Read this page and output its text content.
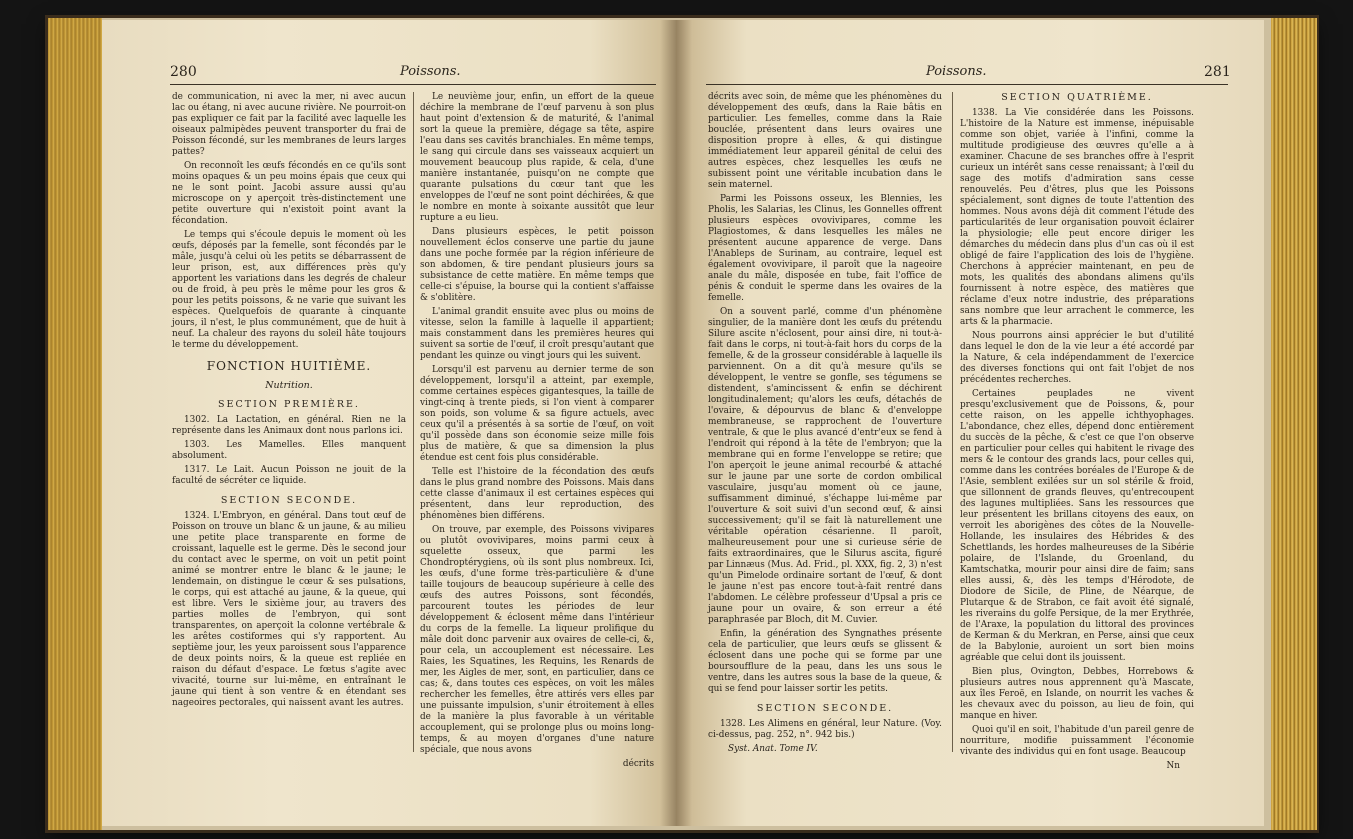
280	Poissons.

de communication, ni avec la mer, ni avec aucun lac ou étang, ni avec aucune rivière. Ne pourroit-on pas expliquer ce fait par la facilité avec laquelle les oiseaux palmipèdes peuvent transporter du frai de Poisson fécondé, sur les membranes de leurs larges pattes?

On reconnoît les œufs fécondés en ce qu'ils sont moins opaques & un peu moins épais que ceux qui ne le sont point. Jacobi assure aussi qu'au microscope on y aperçoit très-distinctement une petite ouverture qui n'existoit point avant la fécondation.

Le temps qui s'écoule depuis le moment où les œufs, déposés par la femelle, sont fécondés par le mâle, jusqu'à celui où les petits se débarrassent de leur prison, est, aux différences près qu'y apportent les variations dans les degrés de chaleur ou de froid, à peu près le même pour les gros & pour les petits poissons, & ne varie que suivant les espèces. Quelquefois de quarante à cinquante jours, il n'est, le plus communément, que de huit à neuf. La chaleur des rayons du soleil hâte toujours le terme du développement.

FONCTION HUITIÈME.
Nutrition.
SECTION PREMIÈRE.

1302. La Lactation, en général. Rien ne la représente dans les Animaux dont nous parlons ici.

1303. Les Mamelles. Elles manquent absolument.

1317. Le Lait. Aucun Poisson ne jouit de la faculté de sécréter ce liquide.

SECTION SECONDE.

1324. L'Embryon, en général. Dans tout œuf de Poisson on trouve un blanc & un jaune, & au milieu une petite place transparente en forme de croissant, laquelle est le germe. Dès le second jour du contact avec le sperme, on voit un petit point animé se montrer entre le blanc & le jaune; le lendemain, on distingue le cœur & ses pulsations, le corps, qui est attaché au jaune, & la queue, qui est libre. Vers le sixième jour, au travers des parties molles de l'embryon, qui sont transparentes, on aperçoit la colonne vertébrale & les arêtes costiformes qui s'y rapportent. Au septième jour, les yeux paroissent sous l'apparence de deux points noirs, & la queue est repliée en raison du défaut d'espace. Le fœtus s'agite avec vivacité, tourne sur lui-même, en entraînant le jaune qui tient à son ventre & en étendant ses nageoires pectorales, qui naissent avant les autres.

Le neuvième jour, enfin, un effort de la queue déchire la membrane de l'œuf parvenu à son plus haut point d'extension & de maturité, & l'animal sort la queue la première, dégage sa tête, aspire l'eau dans ses cavités branchiales. En même temps, le sang qui circule dans ses vaisseaux acquiert un mouvement beaucoup plus rapide, & cela, d'une manière instantanée, puisqu'on ne compte que quarante pulsations du cœur tant que les enveloppes de l'œuf ne sont point déchirées, & que le nombre en monte à soixante aussitôt que leur rupture a eu lieu.

Dans plusieurs espèces, le petit poisson nouvellement éclos conserve une partie du jaune dans une poche formée par la région inférieure de son abdomen, & tire pendant plusieurs jours sa subsistance de cette matière. En même temps que celle-ci s'épuise, la bourse qui la contient s'affaisse & s'oblitère.

L'animal grandit ensuite avec plus ou moins de vitesse, selon la famille à laquelle il appartient; mais constamment dans les premières heures qui suivent sa sortie de l'œuf, il croît presqu'autant que pendant les quinze ou vingt jours qui les suivent.

Lorsqu'il est parvenu au dernier terme de son développement, lorsqu'il a atteint, par exemple, comme certaines espèces gigantesques, la taille de vingt-cinq à trente pieds, si l'on vient à comparer son poids, son volume & sa figure actuels, avec ceux qu'il a présentés à sa sortie de l'œuf, on voit qu'il possède dans son économie seize mille fois plus de matière, & que sa dimension la plus étendue est cent fois plus considérable.

Telle est l'histoire de la fécondation des œufs dans le plus grand nombre des Poissons. Mais dans cette classe d'animaux il est certaines espèces qui présentent, dans leur reproduction, des phénomènes bien différens.

On trouve, par exemple, des Poissons vivipares ou plutôt ovovivipares, moins parmi ceux à squelette osseux, que parmi les Chondroptérygiens, où ils sont plus nombreux. Ici, les œufs, d'une forme très-particulière & d'une taille toujours de beaucoup supérieure à celle des œufs des autres Poissons, sont fécondés, parcourent toutes les périodes de leur développement & éclosent même dans l'intérieur du corps de la femelle. La liqueur prolifique du mâle doit donc parvenir aux ovaires de celle-ci, &, pour cela, un accouplement est nécessaire. Les Raies, les Squatines, les Requins, les Renards de mer, les Aigles de mer, sont, en particulier, dans ce cas; &, dans toutes ces espèces, on voit les mâles rechercher les femelles, être attirés vers elles par une puissante impulsion, s'unir étroitement à elles de la manière la plus favorable à un véritable accouplement, qui se prolonge plus ou moins long-temps, & au moyen d'organes d'une nature spéciale, que nous avons

décrits
Poissons.	281

décrits avec soin, de même que les phénomènes du développement des œufs, dans la Raie bâtis en particulier. Les femelles, comme dans la Raie bouclée, présentent dans leurs ovaires une disposition propre à elles, & qui distingue immédiatement leur appareil génital de celui des autres espèces, chez lesquelles les œufs ne subissent point une véritable incubation dans le sein maternel.

Parmi les Poissons osseux, les Blennies, les Pholis, les Salarias, les Clinus, les Gonnelles offrent plusieurs espèces ovovivipares, comme les Plagiostomes, & dans lesquelles les mâles ne présentent aucune apparence de verge. Dans l'Anableps de Surinam, au contraire, lequel est également ovovivipare, il paroît que la nageoire anale du mâle, disposée en tube, fait l'office de pénis & conduit le sperme dans les ovaires de la femelle.

On a souvent parlé, comme d'un phénomène singulier, de la manière dont les œufs du prétendu Silure ascite n'éclosent, pour ainsi dire, ni tout-à-fait dans le corps, ni tout-à-fait hors du corps de la femelle, & de la grosseur considérable à laquelle ils parviennent. On a dit qu'à mesure qu'ils se développent, le ventre se gonfle, ses tégumens se distendent, s'amincissent & enfin se déchirent longitudinalement; qu'alors les œufs, détachés de l'ovaire, & dépourvus de blanc & d'enveloppe membraneuse, se rapprochent de l'ouverture ventrale, & que le plus avancé d'entr'eux se fend à l'endroit qui répond à la tête de l'embryon; que la membrane qui en forme l'enveloppe se retire; que l'on aperçoit le jeune animal recourbé & attaché sur le jaune par une sorte de cordon ombilical vasculaire, jusqu'au moment où ce jaune, suffisamment diminué, s'échappe lui-même par l'ouverture & soit suivi d'un second œuf, & ainsi successivement; qu'il se fait là naturellement une véritable opération césarienne. Il paroît, malheureusement pour une si curieuse série de faits extraordinaires, que le Silurus ascita, figuré par Linnæus (Mus. Ad. Frid., pl. XXX, fig. 2, 3) n'est qu'un Pimelode ordinaire sortant de l'œuf, & dont le jaune n'est pas encore tout-à-fait rentré dans l'abdomen. Le célèbre professeur d'Upsal a pris ce jaune pour un ovaire, & son erreur a été paraphrasée par Bloch, dit M. Cuvier.

Enfin, la génération des Syngnathes présente cela de particulier, que leurs œufs se glissent & éclosent dans une poche qui se forme par une boursoufflure de la peau, dans les uns sous le ventre, dans les autres sous la base de la queue, & qui se fend pour laisser sortir les petits.

SECTION SECONDE.

1328. Les Alimens en général, leur Nature. (Voy. ci-dessus, pag. 252, n°. 942 bis.)

Syst. Anat. Tome IV.
SECTION QUATRIÈME.

1338. La Vie considérée dans les Poissons. L'histoire de la Nature est immense, inépuisable comme son objet, variée à l'infini, comme la multitude prodigieuse des œuvres qu'elle a à examiner. Chacune de ses branches offre à l'esprit curieux un intérêt sans cesse renaissant; à l'œil du sage des motifs d'admiration sans cesse renouvelés. Peu d'êtres, plus que les Poissons spécialement, sont dignes de toute l'attention des hommes. Nous avons déjà dit comment l'étude des particularités de leur organisation pouvoit éclairer la physiologie; elle peut encore diriger les démarches du médecin dans plus d'un cas où il est obligé de faire l'application des lois de l'hygiène. Cherchons à apprécier maintenant, en peu de mots, les qualités des abondans alimens qu'ils fournissent à notre espèce, des matières que réclame d'eux notre industrie, des préparations sans nombre que leur arrachent le commerce, les arts & la pharmacie.

Nous pourrons ainsi apprécier le but d'utilité dans lequel le don de la vie leur a été accordé par la Nature, & cela indépendamment de l'exercice des diverses fonctions qui ont fait l'objet de nos précédentes recherches.

Certaines peuplades ne vivent presqu'exclusivement que de Poissons, &, pour cette raison, on les appelle ichthyophages. L'abondance, chez elles, dépend donc entièrement du succès de la pêche, & c'est ce que l'on observe en particulier pour celles qui habitent le rivage des mers & le contour des grands lacs, pour celles qui, comme dans les contrées boréales de l'Europe & de l'Asie, semblent exilées sur un sol stérile & froid, que sillonnent de grands fleuves, qu'entrecoupent des lagunes multipliées. Sans les ressources que leur présentent les brillans citoyens des eaux, on verroit les aborigènes des côtes de la Nouvelle-Hollande, les insulaires des Hébrides & des Schettlands, les hordes malheureuses de la Sibérie polaire, de l'Islande, du Groenland, du Kamtschatka, mourir pour ainsi dire de faim; sans elles aussi, &, dès les temps d'Hérodote, de Diodore de Sicile, de Pline, de Néarque, de Plutarque & de Strabon, ce fait avoit été signalé, les riverains du golfe Persique, de la mer Erythrée, de l'Araxe, la population du littoral des provinces de Kerman & du Merkran, en Perse, ainsi que ceux de la Babylonie, auroient un sort bien moins agréable que celui dont ils jouissent.

Bien plus, Ovington, Debbes, Horrebows & plusieurs autres nous apprennent qu'à Mascate, aux îles Feroë, en Islande, on nourrit les vaches & les chevaux avec du poisson, au lieu de foin, qui manque en hiver.

Quoi qu'il en soit, l'habitude d'un pareil genre de nourriture, modifie puissamment l'économie vivante des individus qui en font usage. Beaucoup

Nn
